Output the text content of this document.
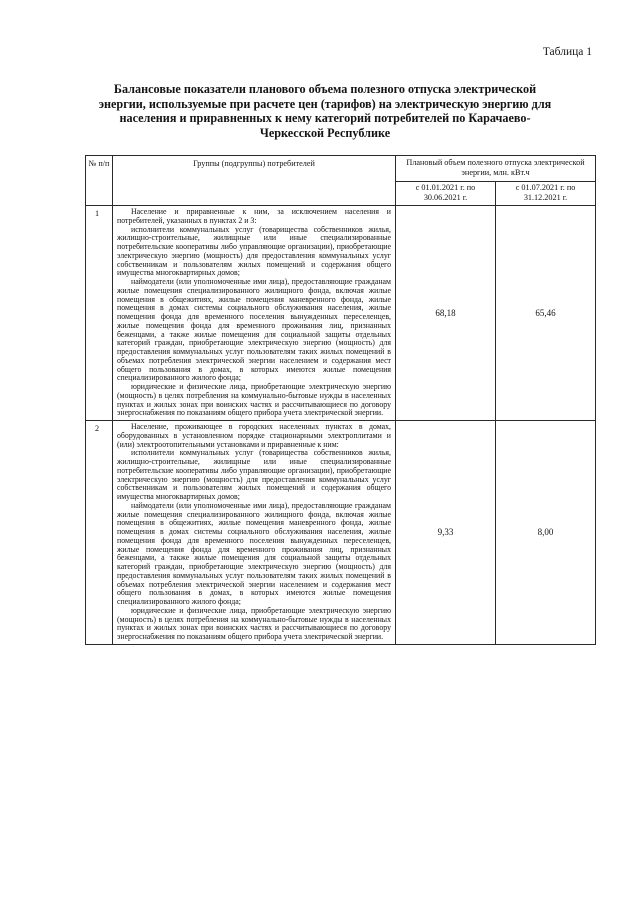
Таблица 1
Балансовые показатели планового объема полезного отпуска электрической энергии, используемые при расчете цен (тарифов) на электрическую энергию для населения и приравненных к нему категорий потребителей по Карачаево-Черкесской Республике
№ п/п	Группы (подгруппы) потребителей	Плановый объем полезного отпуска электрической энергии, млн. кВт.ч	
		с 01.01.2021 г. по 30.06.2021 г.	с 01.07.2021 г. по 31.12.2021 г.
1	Население и приравненные к ним, за исключением населения и потребителей, указанных в пунктах 2 и 3:

исполнители коммунальных услуг (товарищества собственников жилья, жилищно-строительные, жилищные или иные специализированные потребительские кооперативы либо управляющие организации), приобретающие электрическую энергию (мощность) для предоставления коммунальных услуг собственникам и пользователям жилых помещений и содержания общего имущества многоквартирных домов;

наймодатели (или уполномоченные ими лица), предоставляющие гражданам жилые помещения специализированного жилищного фонда, включая жилые помещения в общежитиях, жилые помещения маневренного фонда, жилые помещения в домах системы социального обслуживания населения, жилые помещения фонда для временного поселения вынужденных переселенцев, жилые помещения фонда для временного проживания лиц, признанных беженцами, а также жилые помещения для социальной защиты отдельных категорий граждан, приобретающие электрическую энергию (мощность) для предоставления коммунальных услуг пользователям таких жилых помещений в объемах потребления электрической энергии населением и содержания мест общего пользования в домах, в которых имеются жилые помещения специализированного жилого фонда;

юридические и физические лица, приобретающие электрическую энергию (мощность) в целях потребления на коммунально-бытовые нужды в населенных пунктах и жилых зонах при воинских частях и рассчитывающиеся по договору энергоснабжения по показаниям общего прибора учета электрической энергии.	68,18	65,46
2	Население, проживающее в городских населенных пунктах в домах, оборудованных в установленном порядке стационарными электроплитами и (или) электроотопительными установками и приравненные к ним:

исполнители коммунальных услуг (товарищества собственников жилья, жилищно-строительные, жилищные или иные специализированные потребительские кооперативы либо управляющие организации), приобретающие электрическую энергию (мощность) для предоставления коммунальных услуг собственникам и пользователям жилых помещений и содержания общего имущества многоквартирных домов;

наймодатели (или уполномоченные ими лица), предоставляющие гражданам жилые помещения специализированного жилищного фонда, включая жилые помещения в общежитиях, жилые помещения маневренного фонда, жилые помещения в домах системы социального обслуживания населения, жилые помещения фонда для временного поселения вынужденных переселенцев, жилые помещения фонда для временного проживания лиц, признанных беженцами, а также жилые помещения для социальной защиты отдельных категорий граждан, приобретающие электрическую энергию (мощность) для предоставления коммунальных услуг пользователям таких жилых помещений в объемах потребления электрической энергии населением и содержания мест общего пользования в домах, в которых имеются жилые помещения специализированного жилого фонда;

юридические и физические лица, приобретающие электрическую энергию (мощность) в целях потребления на коммунально-бытовые нужды в населенных пунктах и жилых зонах при воинских частях и рассчитывающиеся по договору энергоснабжения по показаниям общего прибора учета электрической энергии.	9,33	8,00
